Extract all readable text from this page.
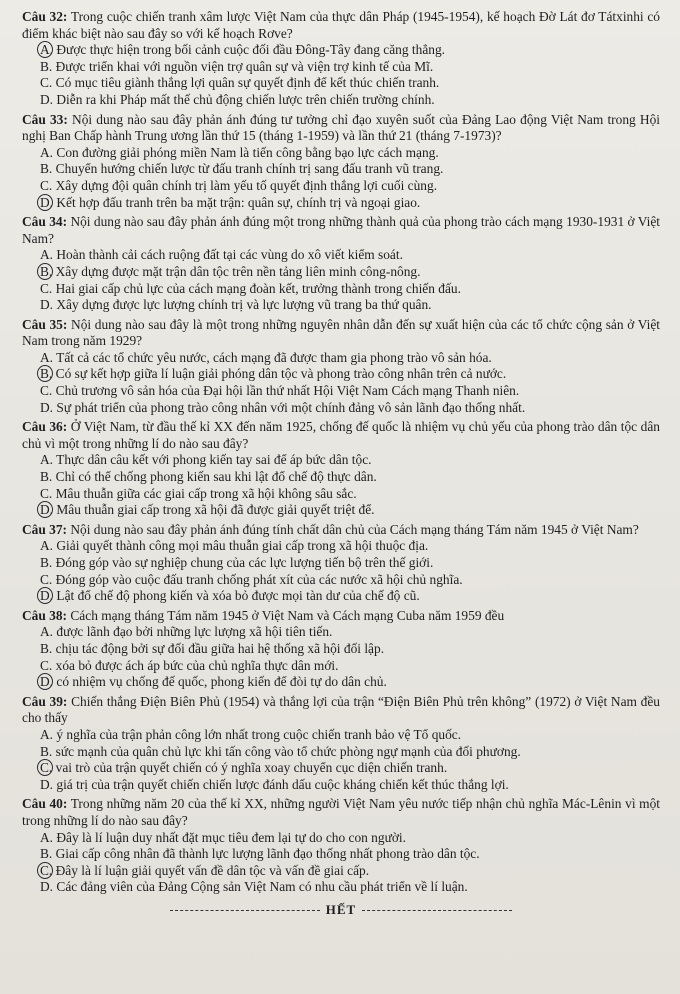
Câu 32: Trong cuộc chiến tranh xâm lược Việt Nam của thực dân Pháp (1945-1954), kế hoạch Đờ Lát đơ Tátxinhi có điểm khác biệt nào sau đây so với kế hoạch Rơve?
A. Được thực hiện trong bối cảnh cuộc đối đầu Đông-Tây đang căng thẳng.
B. Được triển khai với nguồn viện trợ quân sự và viện trợ kinh tế của Mĩ.
C. Có mục tiêu giành thắng lợi quân sự quyết định để kết thúc chiến tranh.
D. Diễn ra khi Pháp mất thế chủ động chiến lược trên chiến trường chính.
Câu 33: Nội dung nào sau đây phản ánh đúng tư tưởng chỉ đạo xuyên suốt của Đảng Lao động Việt Nam trong Hội nghị Ban Chấp hành Trung ương lần thứ 15 (tháng 1-1959) và lần thứ 21 (tháng 7-1973)?
A. Con đường giải phóng miền Nam là tiến công bằng bạo lực cách mạng.
B. Chuyển hướng chiến lược từ đấu tranh chính trị sang đấu tranh vũ trang.
C. Xây dựng đội quân chính trị làm yếu tố quyết định thắng lợi cuối cùng.
D. Kết hợp đấu tranh trên ba mặt trận: quân sự, chính trị và ngoại giao.
Câu 34: Nội dung nào sau đây phản ánh đúng một trong những thành quả của phong trào cách mạng 1930-1931 ở Việt Nam?
A. Hoàn thành cải cách ruộng đất tại các vùng do xô viết kiểm soát.
B. Xây dựng được mặt trận dân tộc trên nền tảng liên minh công-nông.
C. Hai giai cấp chủ lực của cách mạng đoàn kết, trưởng thành trong chiến đấu.
D. Xây dựng được lực lượng chính trị và lực lượng vũ trang ba thứ quân.
Câu 35: Nội dung nào sau đây là một trong những nguyên nhân dẫn đến sự xuất hiện của các tổ chức cộng sản ở Việt Nam trong năm 1929?
A. Tất cả các tổ chức yêu nước, cách mạng đã được tham gia phong trào vô sản hóa.
B. Có sự kết hợp giữa lí luận giải phóng dân tộc và phong trào công nhân trên cả nước.
C. Chủ trương vô sản hóa của Đại hội lần thứ nhất Hội Việt Nam Cách mạng Thanh niên.
D. Sự phát triển của phong trào công nhân với một chính đảng vô sản lãnh đạo thống nhất.
Câu 36: Ở Việt Nam, từ đầu thế kỉ XX đến năm 1925, chống đế quốc là nhiệm vụ chủ yếu của phong trào dân tộc dân chủ vì một trong những lí do nào sau đây?
A. Thực dân câu kết với phong kiến tay sai để áp bức dân tộc.
B. Chỉ có thể chống phong kiến sau khi lật đổ chế độ thực dân.
C. Mâu thuẫn giữa các giai cấp trong xã hội không sâu sắc.
D. Mâu thuẫn giai cấp trong xã hội đã được giải quyết triệt để.
Câu 37: Nội dung nào sau đây phản ánh đúng tính chất dân chủ của Cách mạng tháng Tám năm 1945 ở Việt Nam?
A. Giải quyết thành công mọi mâu thuẫn giai cấp trong xã hội thuộc địa.
B. Đóng góp vào sự nghiệp chung của các lực lượng tiến bộ trên thế giới.
C. Đóng góp vào cuộc đấu tranh chống phát xít của các nước xã hội chủ nghĩa.
D. Lật đổ chế độ phong kiến và xóa bỏ được mọi tàn dư của chế độ cũ.
Câu 38: Cách mạng tháng Tám năm 1945 ở Việt Nam và Cách mạng Cuba năm 1959 đều
A. được lãnh đạo bởi những lực lượng xã hội tiên tiến.
B. chịu tác động bởi sự đối đầu giữa hai hệ thống xã hội đối lập.
C. xóa bỏ được ách áp bức của chủ nghĩa thực dân mới.
D. có nhiệm vụ chống đế quốc, phong kiến để đòi tự do dân chủ.
Câu 39: Chiến thắng Điện Biên Phủ (1954) và thắng lợi của trận “Điện Biên Phủ trên không” (1972) ở Việt Nam đều cho thấy
A. ý nghĩa của trận phản công lớn nhất trong cuộc chiến tranh bảo vệ Tổ quốc.
B. sức mạnh của quân chủ lực khi tấn công vào tổ chức phòng ngự mạnh của đối phương.
C. vai trò của trận quyết chiến có ý nghĩa xoay chuyển cục diện chiến tranh.
D. giá trị của trận quyết chiến chiến lược đánh dấu cuộc kháng chiến kết thúc thắng lợi.
Câu 40: Trong những năm 20 của thế kỉ XX, những người Việt Nam yêu nước tiếp nhận chủ nghĩa Mác-Lênin vì một trong những lí do nào sau đây?
A. Đây là lí luận duy nhất đặt mục tiêu đem lại tự do cho con người.
B. Giai cấp công nhân đã thành lực lượng lãnh đạo thống nhất phong trào dân tộc.
C. Đây là lí luận giải quyết vấn đề dân tộc và vấn đề giai cấp.
D. Các đảng viên của Đảng Cộng sản Việt Nam có nhu cầu phát triển về lí luận.
HẾT
